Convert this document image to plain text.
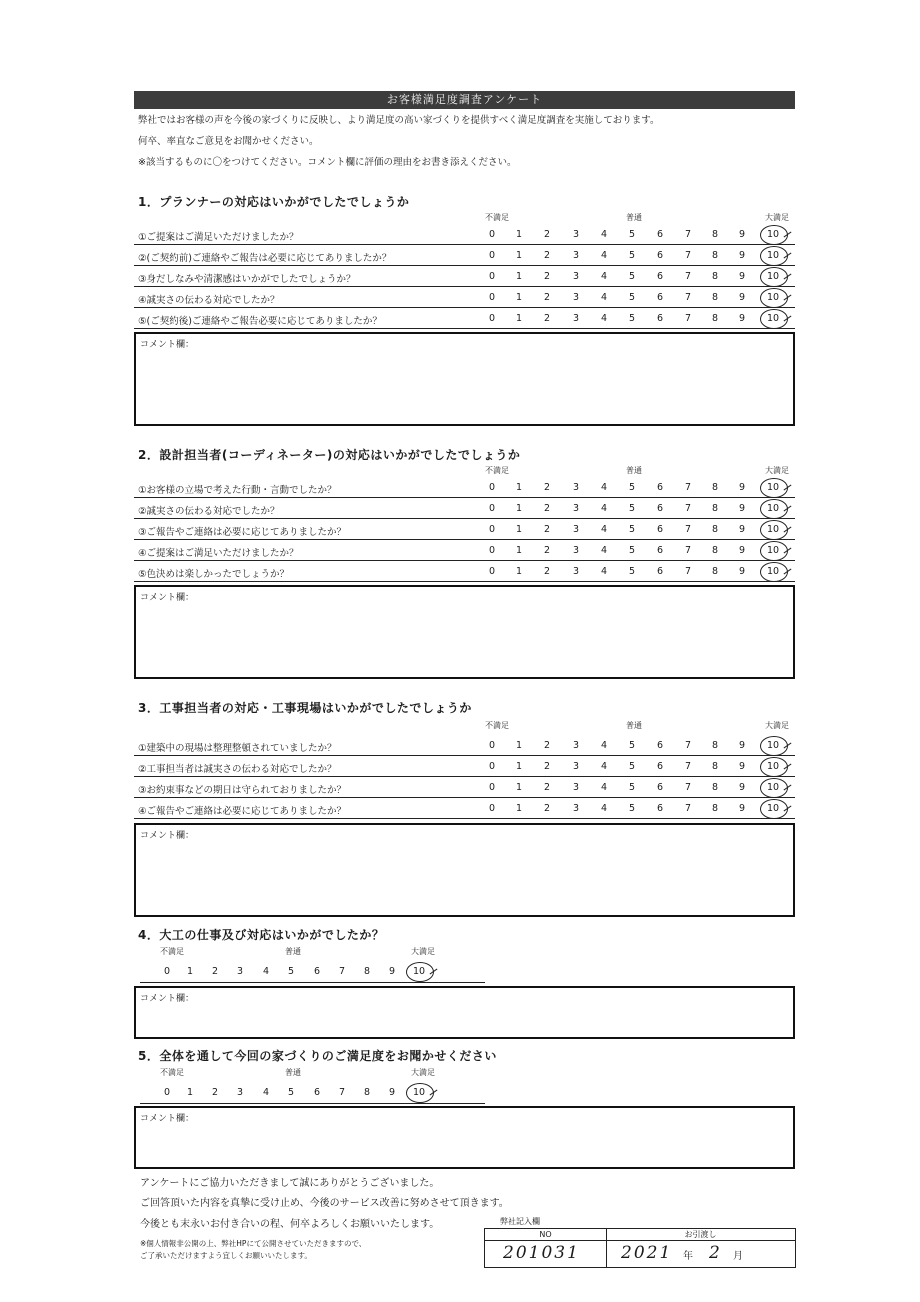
お客様満足度調査アンケート
弊社ではお客様の声を今後の家づくりに反映し、より満足度の高い家づくりを提供すべく満足度調査を実施しております。
何卒、率直なご意見をお聞かせください。
※該当するものに〇をつけてください。コメント欄に評価の理由をお書き添えください。
1．プランナーの対応はいかがでしたでしょうか
不満足	普通	大満足
①ご提案はご満足いただけましたか？	0	1	2	3	4	5	6	7	8	9	10
②(ご契約前)ご連絡やご報告は必要に応じてありましたか？	0	1	2	3	4	5	6	7	8	9	10
③身だしなみや清潔感はいかがでしたでしょうか？	0	1	2	3	4	5	6	7	8	9	10
④誠実さの伝わる対応でしたか？	0	1	2	3	4	5	6	7	8	9	10
⑤(ご契約後)ご連絡やご報告必要に応じてありましたか？	0	1	2	3	4	5	6	7	8	9	10
コメント欄：
2．設計担当者(コーディネーター)の対応はいかがでしたでしょうか
不満足	普通	大満足
①お客様の立場で考えた行動・言動でしたか？	0	1	2	3	4	5	6	7	8	9	10
②誠実さの伝わる対応でしたか？	0	1	2	3	4	5	6	7	8	9	10
③ご報告やご連絡は必要に応じてありましたか？	0	1	2	3	4	5	6	7	8	9	10
④ご提案はご満足いただけましたか？	0	1	2	3	4	5	6	7	8	9	10
⑤色決めは楽しかったでしょうか？	0	1	2	3	4	5	6	7	8	9	10
コメント欄：
3．工事担当者の対応・工事現場はいかがでしたでしょうか
不満足	普通	大満足
①建築中の現場は整理整頓されていましたか？	0	1	2	3	4	5	6	7	8	9	10
②工事担当者は誠実さの伝わる対応でしたか？	0	1	2	3	4	5	6	7	8	9	10
③お約束事などの期日は守られておりましたか？	0	1	2	3	4	5	6	7	8	9	10
④ご報告やご連絡は必要に応じてありましたか？	0	1	2	3	4	5	6	7	8	9	10
コメント欄：
4．大工の仕事及び対応はいかがでしたか？
不満足	普通	大満足
0	1	2	3	4	5	6	7	8	9	10
コメント欄：
5．全体を通して今回の家づくりのご満足度をお聞かせください
不満足	普通	大満足
0	1	2	3	4	5	6	7	8	9	10
コメント欄：
アンケートにご協力いただきまして誠にありがとうございました。
ご回答頂いた内容を真摯に受け止め、今後のサービス改善に努めさせて頂きます。
今後とも末永いお付き合いの程、何卒よろしくお願いいたします。
※個人情報非公開の上、弊社HPにて公開させていただきますので、
ご了承いただけますよう宜しくお願いいたします。
弊社記入欄
NO	お引渡し
201031 2021 年 2 月
